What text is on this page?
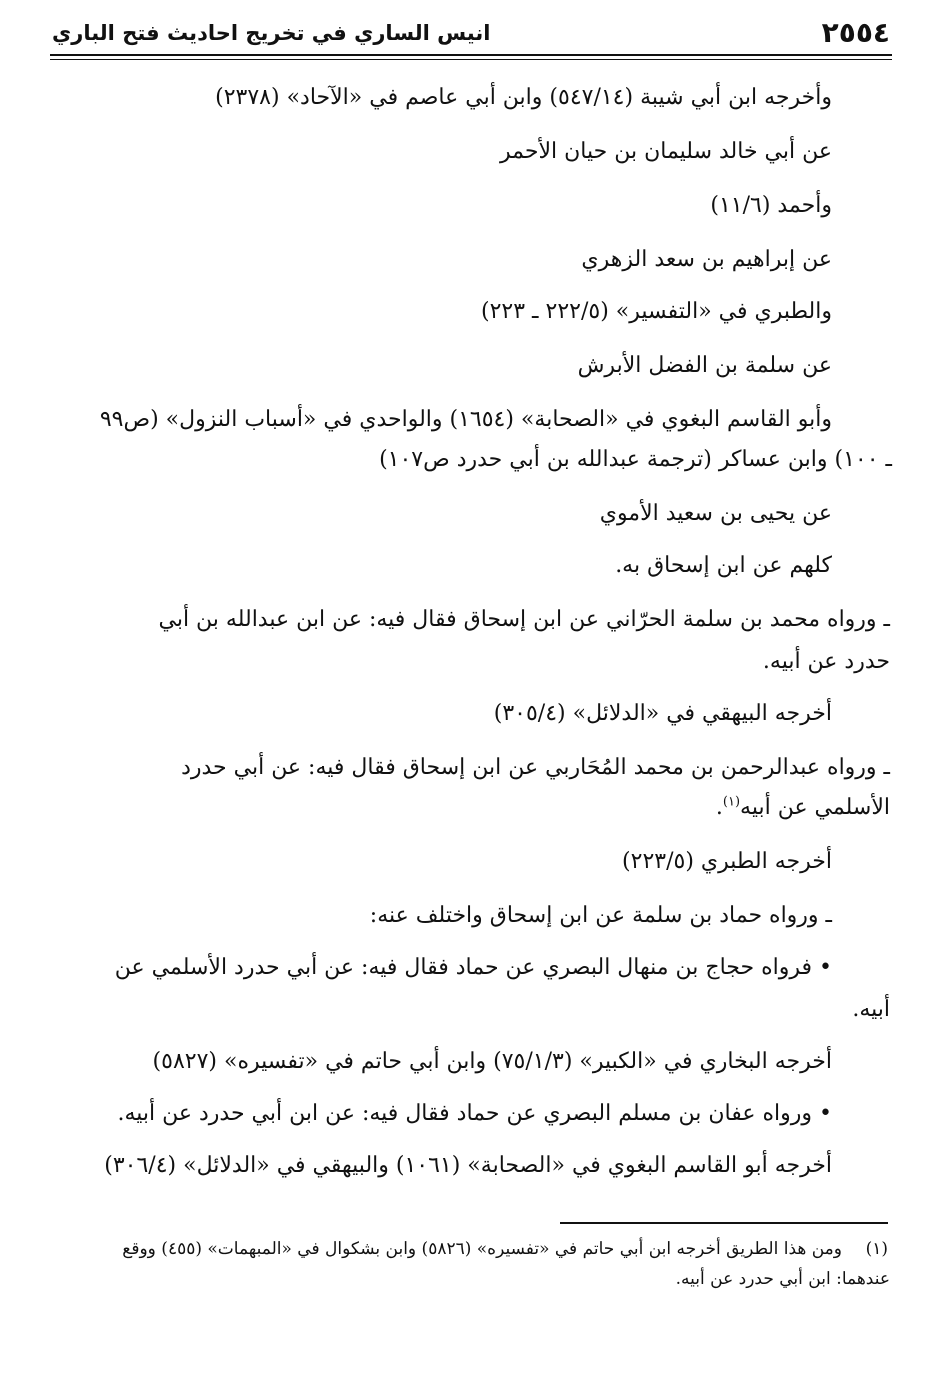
٢٥٥٤
انيس الساري في تخريج احاديث فتح الباري
وأخرجه ابن أبي شيبة (٥٤٧/١٤) وابن أبي عاصم في «الآحاد» (٢٣٧٨)
عن أبي خالد سليمان بن حيان الأحمر
وأحمد (١١/٦)
عن إبراهيم بن سعد الزهري
والطبري في «التفسير» (٢٢٢/٥ ـ ٢٢٣)
عن سلمة بن الفضل الأبرش
وأبو القاسم البغوي في «الصحابة» (١٦٥٤) والواحدي في «أسباب النزول» (ص٩٩
ـ ١٠٠) وابن عساكر (ترجمة عبدالله بن أبي حدرد ص١٠٧)
عن يحيى بن سعيد الأموي
كلهم عن ابن إسحاق به.
ـ ورواه محمد بن سلمة الحرّاني عن ابن إسحاق فقال فيه: عن ابن عبدالله بن أبي
حدرد عن أبيه.
أخرجه البيهقي في «الدلائل» (٣٠٥/٤)
ـ ورواه عبدالرحمن بن محمد المُحَاربي عن ابن إسحاق فقال فيه: عن أبي حدرد
الأسلمي عن أبيه$^{(١)}$.
أخرجه الطبري (٢٢٣/٥)
ـ ورواه حماد بن سلمة عن ابن إسحاق واختلف عنه:
• فرواه حجاج بن منهال البصري عن حماد فقال فيه: عن أبي حدرد الأسلمي عن
أبيه.
أخرجه البخاري في «الكبير» (٧٥/١/٣) وابن أبي حاتم في «تفسيره» (٥٨٢٧)
• ورواه عفان بن مسلم البصري عن حماد فقال فيه: عن ابن أبي حدرد عن أبيه.
أخرجه أبو القاسم البغوي في «الصحابة» (١٠٦١) والبيهقي في «الدلائل» (٣٠٦/٤)
(١)
ومن هذا الطريق أخرجه ابن أبي حاتم في «تفسيره» (٥٨٢٦) وابن بشكوال في «المبهمات» (٤٥٥) ووقع
عندهما: ابن أبي حدرد عن أبيه.
